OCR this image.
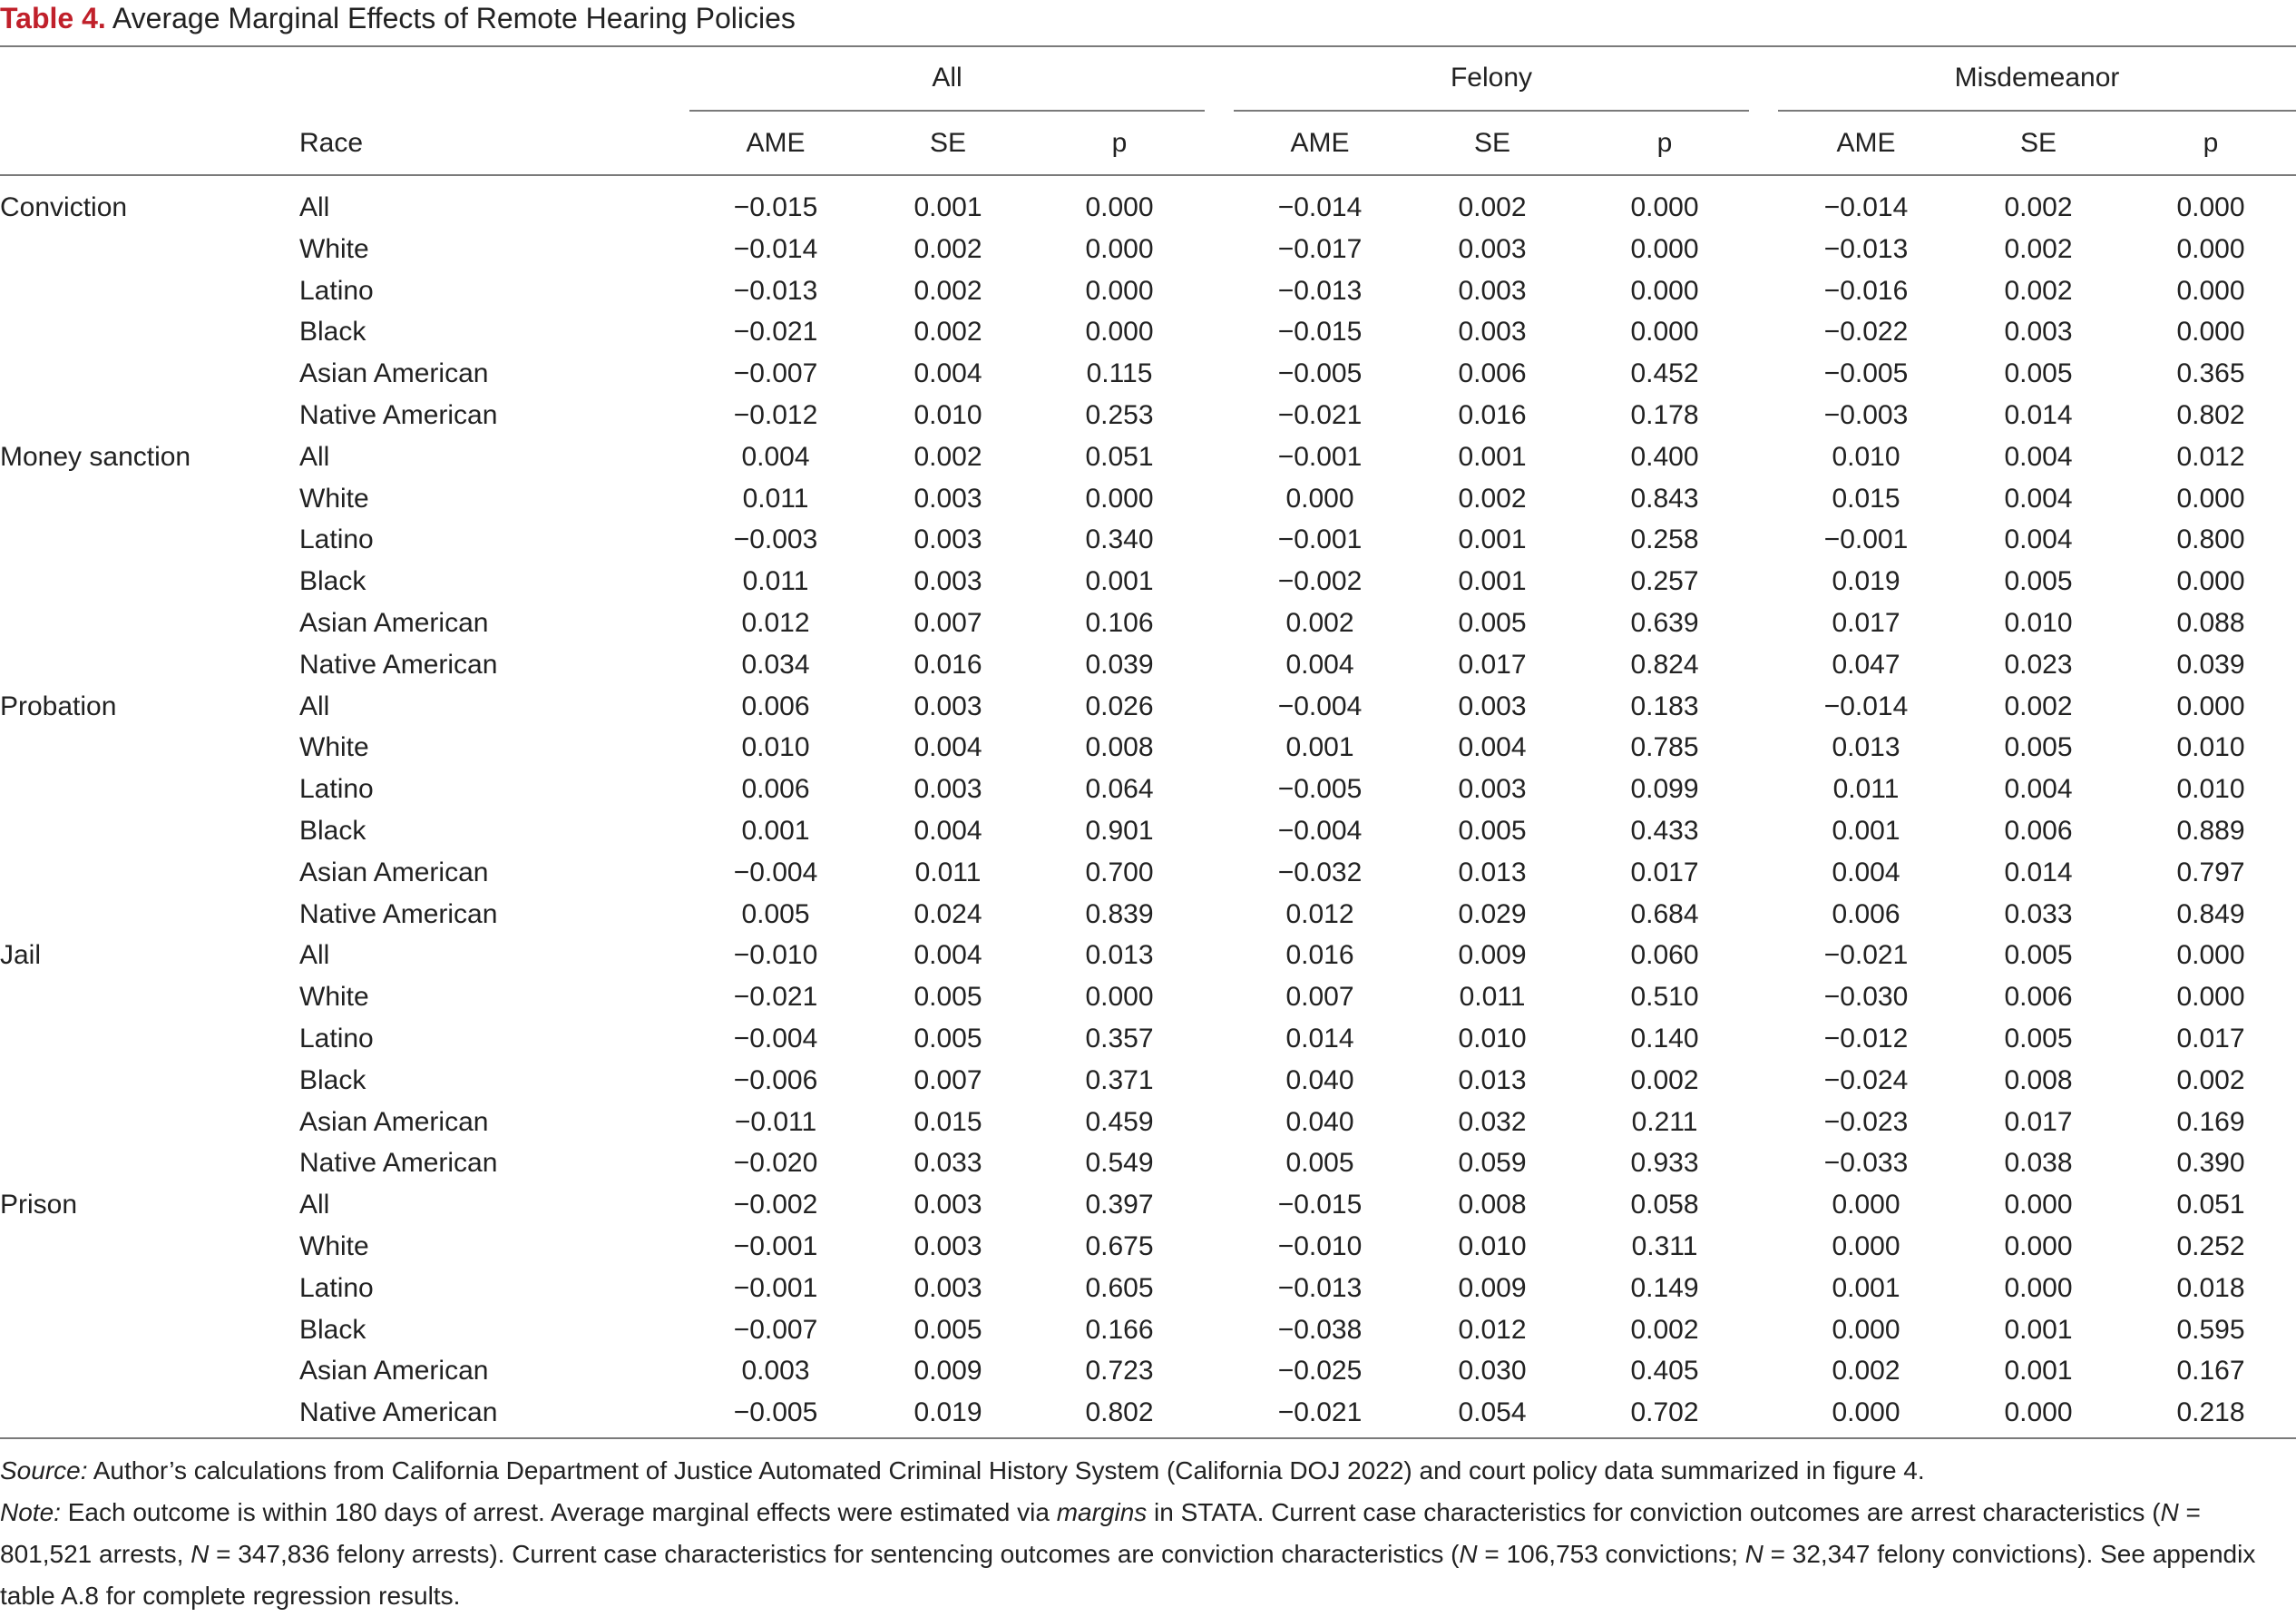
Table 4. Average Marginal Effects of Remote Hearing Policies
All	Felony	Misdemeanor
Race	AME	SE	p	AME	SE	p	AME	SE	p
Conviction	All	−0.015	0.001	0.000	−0.014	0.002	0.000	−0.014	0.002	0.000
White	−0.014	0.002	0.000	−0.017	0.003	0.000	−0.013	0.002	0.000
Latino	−0.013	0.002	0.000	−0.013	0.003	0.000	−0.016	0.002	0.000
Black	−0.021	0.002	0.000	−0.015	0.003	0.000	−0.022	0.003	0.000
Asian American	−0.007	0.004	0.115	−0.005	0.006	0.452	−0.005	0.005	0.365
Native American	−0.012	0.010	0.253	−0.021	0.016	0.178	−0.003	0.014	0.802
Money sanction	All	0.004	0.002	0.051	−0.001	0.001	0.400	0.010	0.004	0.012
White	0.011	0.003	0.000	0.000	0.002	0.843	0.015	0.004	0.000
Latino	−0.003	0.003	0.340	−0.001	0.001	0.258	−0.001	0.004	0.800
Black	0.011	0.003	0.001	−0.002	0.001	0.257	0.019	0.005	0.000
Asian American	0.012	0.007	0.106	0.002	0.005	0.639	0.017	0.010	0.088
Native American	0.034	0.016	0.039	0.004	0.017	0.824	0.047	0.023	0.039
Probation	All	0.006	0.003	0.026	−0.004	0.003	0.183	−0.014	0.002	0.000
White	0.010	0.004	0.008	0.001	0.004	0.785	0.013	0.005	0.010
Latino	0.006	0.003	0.064	−0.005	0.003	0.099	0.011	0.004	0.010
Black	0.001	0.004	0.901	−0.004	0.005	0.433	0.001	0.006	0.889
Asian American	−0.004	0.011	0.700	−0.032	0.013	0.017	0.004	0.014	0.797
Native American	0.005	0.024	0.839	0.012	0.029	0.684	0.006	0.033	0.849
Jail	All	−0.010	0.004	0.013	0.016	0.009	0.060	−0.021	0.005	0.000
White	−0.021	0.005	0.000	0.007	0.011	0.510	−0.030	0.006	0.000
Latino	−0.004	0.005	0.357	0.014	0.010	0.140	−0.012	0.005	0.017
Black	−0.006	0.007	0.371	0.040	0.013	0.002	−0.024	0.008	0.002
Asian American	−0.011	0.015	0.459	0.040	0.032	0.211	−0.023	0.017	0.169
Native American	−0.020	0.033	0.549	0.005	0.059	0.933	−0.033	0.038	0.390
Prison	All	−0.002	0.003	0.397	−0.015	0.008	0.058	0.000	0.000	0.051
White	−0.001	0.003	0.675	−0.010	0.010	0.311	0.000	0.000	0.252
Latino	−0.001	0.003	0.605	−0.013	0.009	0.149	0.001	0.000	0.018
Black	−0.007	0.005	0.166	−0.038	0.012	0.002	0.000	0.001	0.595
Asian American	0.003	0.009	0.723	−0.025	0.030	0.405	0.002	0.001	0.167
Native American	−0.005	0.019	0.802	−0.021	0.054	0.702	0.000	0.000	0.218

Source: Author’s calculations from California Department of Justice Automated Criminal History System (California DOJ 2022) and court policy data summarized in figure 4.

Note: Each outcome is within 180 days of arrest. Average marginal effects were estimated via margins in STATA. Current case characteristics for conviction outcomes are arrest characteristics (N = 801,521 arrests, N = 347,836 felony arrests). Current case characteristics for sentencing outcomes are conviction characteristics (N = 106,753 convictions; N = 32,347 felony convictions). See appendix table A.8 for complete regression results.
